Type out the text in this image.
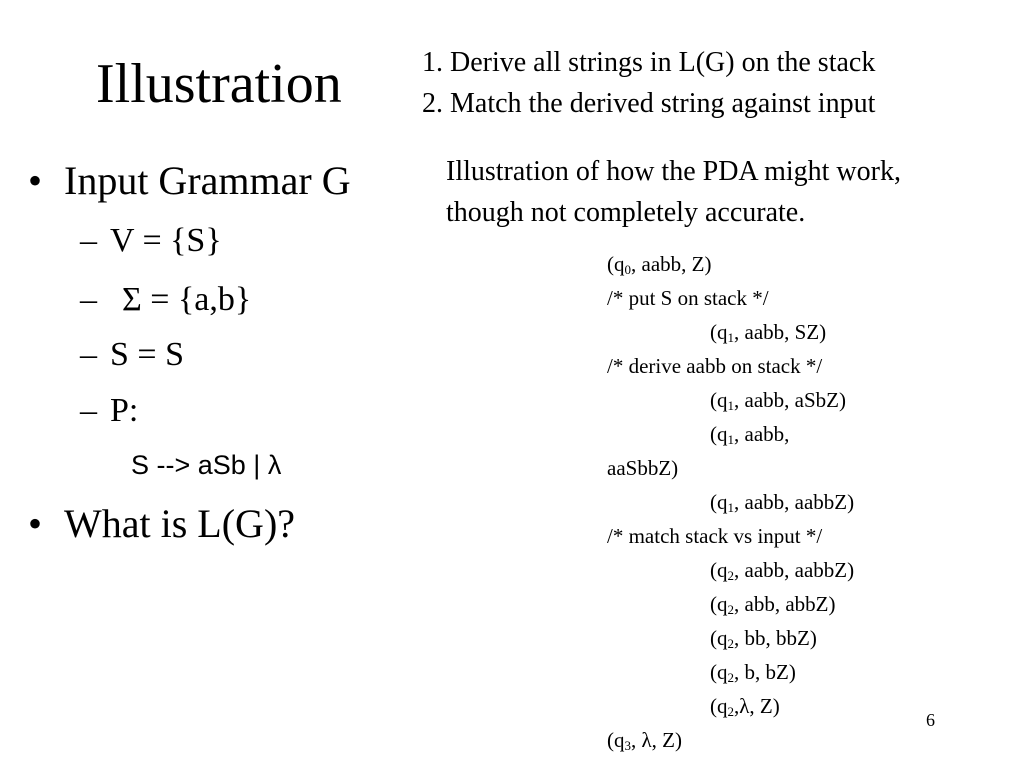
Illustration	1. Derive all strings in L(G) on the stack
2. Match the derived string against input
Illustration of how the PDA might work,
though not completely accurate.
• Input Grammar G
– V = {S}
– Σ = {a,b}
– S = S
– P:
S --> aSb | λ
• What is L(G)?
($q_0$, aabb, Z)
/* put S on stack */
($q_1$, aabb, SZ)
/* derive aabb on stack */
($q_1$, aabb, aSbZ)
($q_1$, aabb,
aaSbbZ)
($q_1$, aabb, aabbZ)
/* match stack vs input */
($q_2$, aabb, aabbZ)
($q_2$, abb, abbZ)
($q_2$, bb, bbZ)
($q_2$, b, bZ)
($q_2,\lambda$, Z)
($q_3$, λ, Z)
6
